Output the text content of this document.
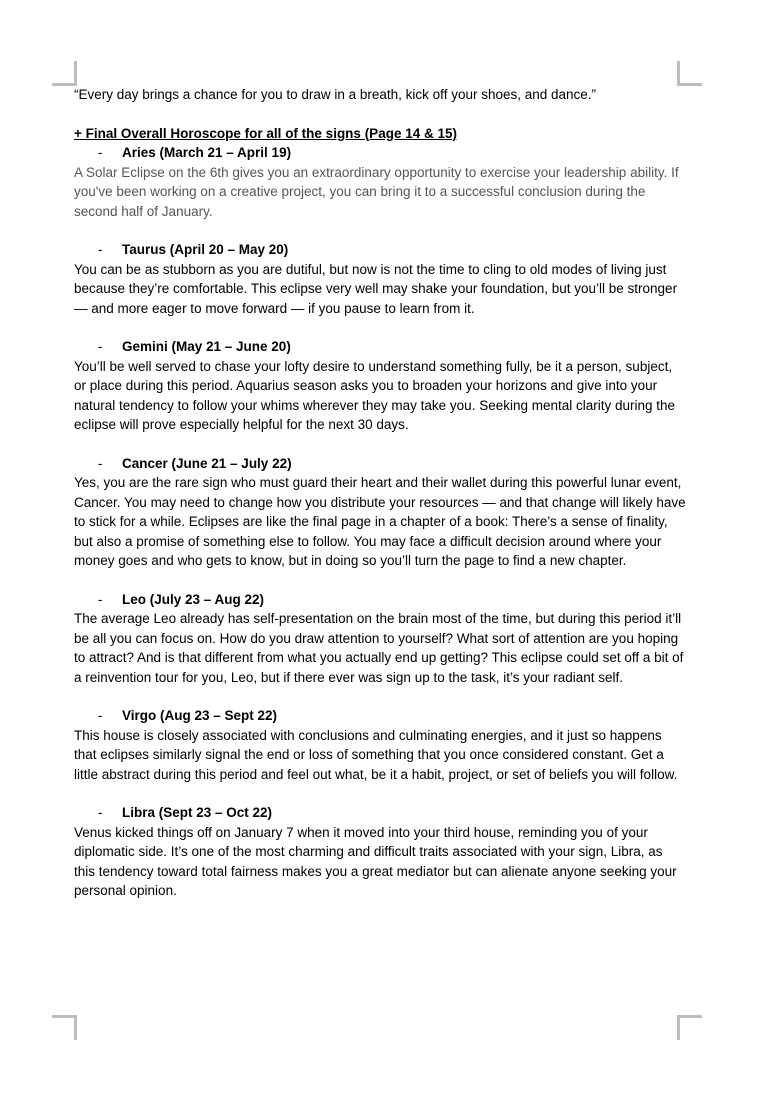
“Every day brings a chance for you to draw in a breath, kick off your shoes, and dance.”

+ Final Overall Horoscope for all of the signs (Page 14 & 15)

-	Aries (March 21 – April 19)

A Solar Eclipse on the 6th gives you an extraordinary opportunity to exercise your leadership ability. If you've been working on a creative project, you can bring it to a successful conclusion during the second half of January.

-	Taurus (April 20 – May 20)

You can be as stubborn as you are dutiful, but now is not the time to cling to old modes of living just because they’re comfortable. This eclipse very well may shake your foundation, but you’ll be stronger — and more eager to move forward — if you pause to learn from it.

-	Gemini (May 21 – June 20)

You’ll be well served to chase your lofty desire to understand something fully, be it a person, subject, or place during this period. Aquarius season asks you to broaden your horizons and give into your natural tendency to follow your whims wherever they may take you. Seeking mental clarity during the eclipse will prove especially helpful for the next 30 days.

-	Cancer (June 21 – July 22)

Yes, you are the rare sign who must guard their heart and their wallet during this powerful lunar event, Cancer. You may need to change how you distribute your resources — and that change will likely have to stick for a while. Eclipses are like the final page in a chapter of a book: There’s a sense of finality, but also a promise of something else to follow. You may face a difficult decision around where your money goes and who gets to know, but in doing so you’ll turn the page to find a new chapter.

-	Leo (July 23 – Aug 22)

The average Leo already has self-presentation on the brain most of the time, but during this period it’ll be all you can focus on. How do you draw attention to yourself? What sort of attention are you hoping to attract? And is that different from what you actually end up getting? This eclipse could set off a bit of a reinvention tour for you, Leo, but if there ever was sign up to the task, it’s your radiant self.

-	Virgo (Aug 23 – Sept 22)

This house is closely associated with conclusions and culminating energies, and it just so happens that eclipses similarly signal the end or loss of something that you once considered constant. Get a little abstract during this period and feel out what, be it a habit, project, or set of beliefs you will follow.

-	Libra (Sept 23 – Oct 22)

Venus kicked things off on January 7 when it moved into your third house, reminding you of your diplomatic side. It’s one of the most charming and difficult traits associated with your sign, Libra, as this tendency toward total fairness makes you a great mediator but can alienate anyone seeking your personal opinion.
